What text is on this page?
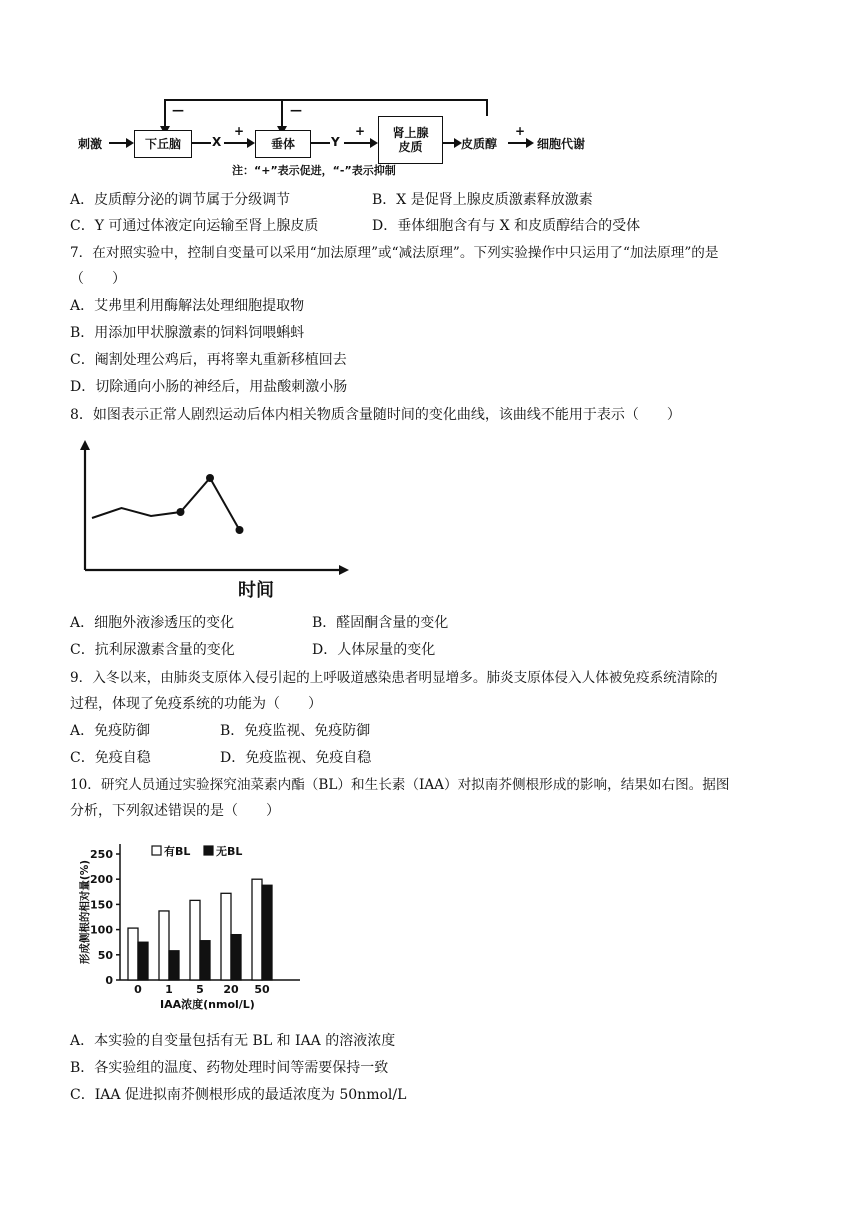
刺激	下丘脑	X
+
垂体	Y
+ 肾上腺
皮质	皮质醇
+
细胞代谢
—	—
注：“+”表示促进，“-”表示抑制
A．皮质醇分泌的调节属于分级调节	B．X 是促肾上腺皮质激素释放激素
C．Y 可通过体液定向运输至肾上腺皮质	D．垂体细胞含有与 X 和皮质醇结合的受体
7．在对照实验中，控制自变量可以采用“加法原理”或“减法原理”。下列实验操作中只运用了“加法原理”的是
（　　）
A．艾弗里利用酶解法处理细胞提取物
B．用添加甲状腺激素的饲料饲喂蝌蚪
C．阉割处理公鸡后，再将睾丸重新移植回去
D．切除通向小肠的神经后，用盐酸刺激小肠
8．如图表示正常人剧烈运动后体内相关物质含量随时间的变化曲线，该曲线不能用于表示（　　）
时间
A．细胞外液渗透压的变化	B．醛固酮含量的变化
C．抗利尿激素含量的变化	D．人体尿量的变化
9．入冬以来，由肺炎支原体入侵引起的上呼吸道感染患者明显增多。肺炎支原体侵入人体被免疫系统清除的
过程，体现了免疫系统的功能为（　　）
A．免疫防御	B．免疫监视、免疫防御
C．免疫自稳	D．免疫监视、免疫自稳
10．研究人员通过实验探究油菜素内酯（BL）和生长素（IAA）对拟南芥侧根形成的影响，结果如右图。据图
分析，下列叙述错误的是（　　）
0
50
100
150
200
250
0 1 5 20 50
有BL 无BL
IAA浓度(nmol/L)
形成侧根的相对量(%)
A．本实验的自变量包括有无 BL 和 IAA 的溶液浓度
B．各实验组的温度、药物处理时间等需要保持一致
C．IAA 促进拟南芥侧根形成的最适浓度为 50nmol/L
